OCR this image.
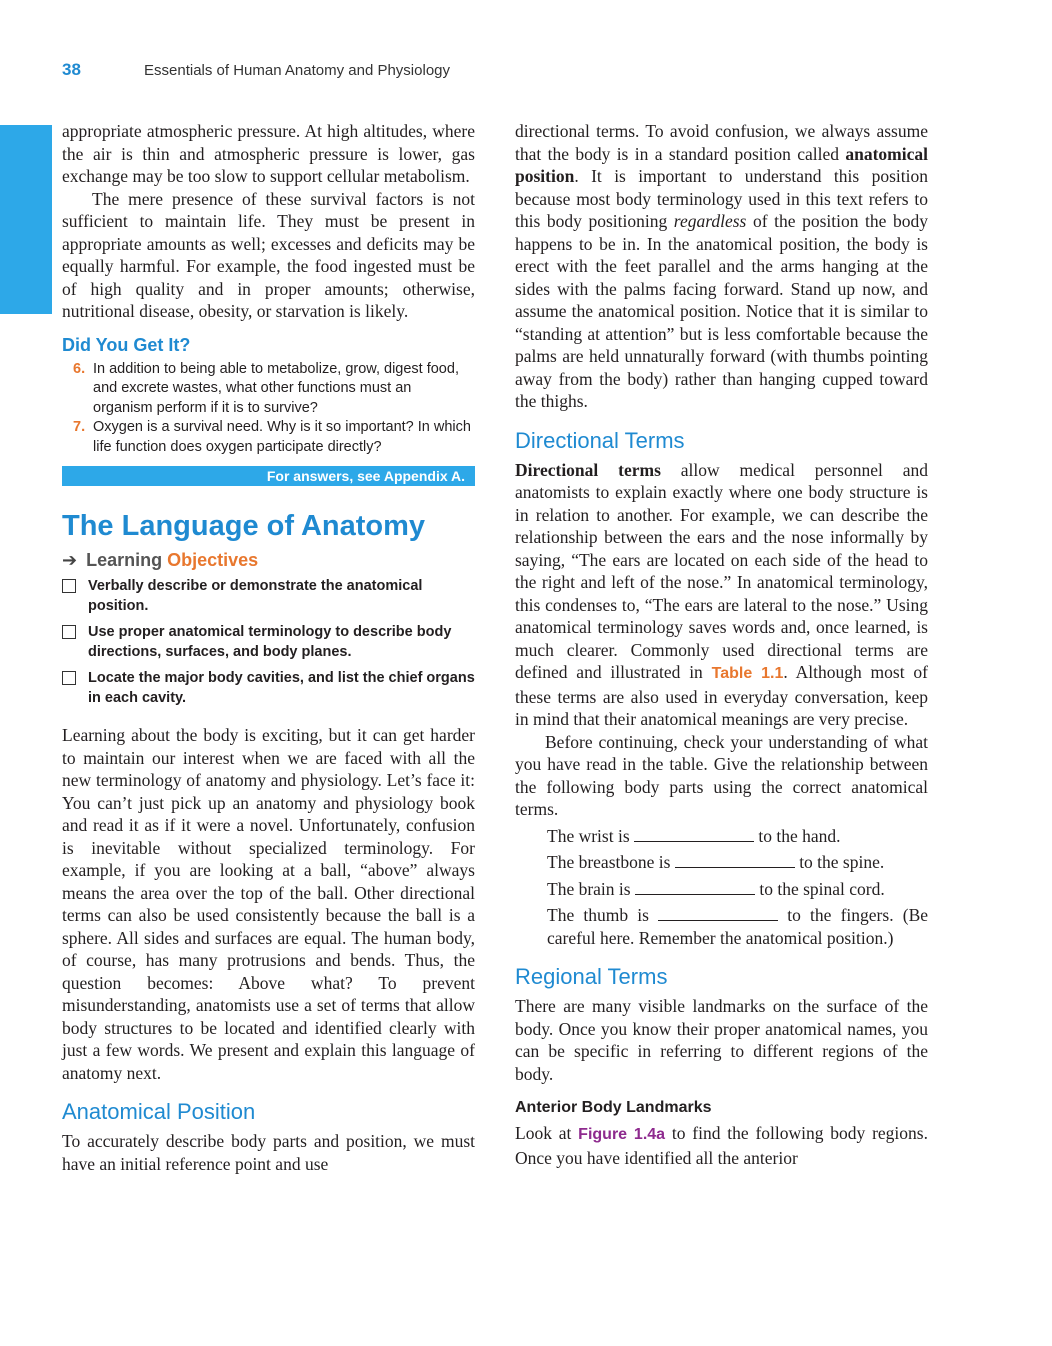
38	Essentials of Human Anatomy and Physiology

appropriate atmospheric pressure. At high altitudes, where the air is thin and atmospheric pressure is lower, gas exchange may be too slow to support cellular metabolism.

The mere presence of these survival factors is not sufficient to maintain life. They must be present in appropriate amounts as well; excesses and deficits may be equally harmful. For example, the food ingested must be of high quality and in proper amounts; otherwise, nutritional disease, obesity, or starvation is likely.

Did You Get It?
6. In addition to being able to metabolize, grow, digest food, and excrete wastes, what other functions must an organism perform if it is to survive?
7. Oxygen is a survival need. Why is it so important? In which life function does oxygen participate directly?
For answers, see Appendix A.
The Language of Anatomy
➔ Learning Objectives
Verbally describe or demonstrate the anatomical position.
Use proper anatomical terminology to describe body directions, surfaces, and body planes.
Locate the major body cavities, and list the chief organs in each cavity.

Learning about the body is exciting, but it can get harder to maintain our interest when we are faced with all the new terminology of anatomy and physiology. Let’s face it: You can’t just pick up an anatomy and physiology book and read it as if it were a novel. Unfortunately, confusion is inevitable without specialized terminology. For example, if you are looking at a ball, “above” always means the area over the top of the ball. Other directional terms can also be used consistently because the ball is a sphere. All sides and surfaces are equal. The human body, of course, has many protrusions and bends. Thus, the question becomes: Above what? To prevent misunderstanding, anatomists use a set of terms that allow body structures to be located and identified clearly with just a few words. We present and explain this language of anatomy next.

Anatomical Position

To accurately describe body parts and position, we must have an initial reference point and use

directional terms. To avoid confusion, we always assume that the body is in a standard position called anatomical position. It is important to understand this position because most body terminology used in this text refers to this body positioning regardless of the position the body happens to be in. In the anatomical position, the body is erect with the feet parallel and the arms hanging at the sides with the palms facing forward. Stand up now, and assume the anatomical position. Notice that it is similar to “standing at attention” but is less comfortable because the palms are held unnaturally forward (with thumbs pointing away from the body) rather than hanging cupped toward the thighs.

Directional Terms

Directional terms allow medical personnel and anatomists to explain exactly where one body structure is in relation to another. For example, we can describe the relationship between the ears and the nose informally by saying, “The ears are located on each side of the head to the right and left of the nose.” In anatomical terminology, this condenses to, “The ears are lateral to the nose.” Using anatomical terminology saves words and, once learned, is much clearer. Commonly used directional terms are defined and illustrated in Table 1.1. Although most of these terms are also used in everyday conversation, keep in mind that their anatomical meanings are very precise.

Before continuing, check your understanding of what you have read in the table. Give the relationship between the following body parts using the correct anatomical terms.

The wrist is	to the hand.
The breastbone is	to the spine.
The brain is	to the spinal cord.
The thumb is	to the fingers. (Be careful here. Remember the anatomical position.)
Regional Terms

There are many visible landmarks on the surface of the body. Once you know their proper anatomical names, you can be specific in referring to different regions of the body.

Anterior Body Landmarks

Look at Figure 1.4a to find the following body regions. Once you have identified all the anterior
